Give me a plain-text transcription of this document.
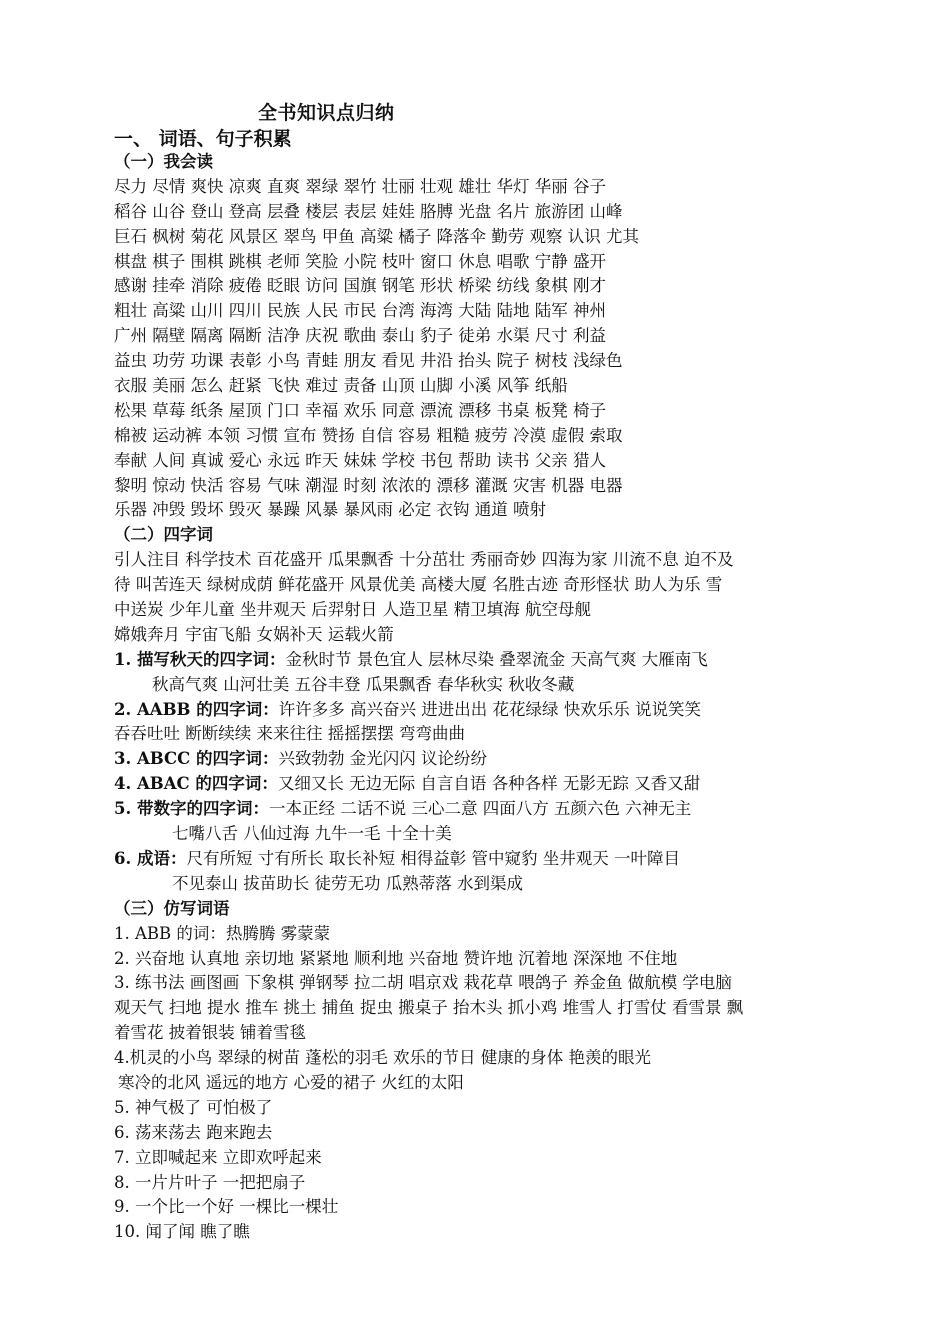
全书知识点归纳
一、 词语、句子积累
（一）我会读
尽力 尽情 爽快 凉爽 直爽 翠绿 翠竹 壮丽 壮观 雄壮 华灯 华丽 谷子
稻谷 山谷 登山 登高 层叠 楼层 表层 娃娃 胳膊 光盘 名片 旅游团 山峰
巨石 枫树 菊花 风景区 翠鸟 甲鱼 高粱 橘子 降落伞 勤劳 观察 认识 尤其
棋盘 棋子 围棋 跳棋 老师 笑脸 小院 枝叶 窗口 休息 唱歌 宁静 盛开
感谢 挂牵 消除 疲倦 眨眼 访问 国旗 钢笔 形状 桥梁 纺线 象棋 刚才
粗壮 高粱 山川 四川 民族 人民 市民 台湾 海湾 大陆 陆地 陆军 神州
广州 隔壁 隔离 隔断 洁净 庆祝 歌曲 泰山 豹子 徒弟 水渠 尺寸 利益
益虫 功劳 功课 表彰 小鸟 青蛙 朋友 看见 井沿 抬头 院子 树枝 浅绿色
衣服 美丽 怎么 赶紧 飞快 难过 责备 山顶 山脚 小溪 风筝 纸船
松果 草莓 纸条 屋顶 门口 幸福 欢乐 同意 漂流 漂移 书桌 板凳 椅子
棉被 运动裤 本领 习惯 宣布 赞扬 自信 容易 粗糙 疲劳 冷漠 虚假 索取
奉献 人间 真诚 爱心 永远 昨天 妹妹 学校 书包 帮助 读书 父亲 猎人
黎明 惊动 快活 容易 气味 潮湿 时刻 浓浓的 漂移 灌溉 灾害 机器 电器
乐器 冲毁 毁坏 毁灭 暴躁 风暴 暴风雨 必定 衣钩 通道 喷射
（二）四字词
引人注目 科学技术 百花盛开 瓜果飘香 十分茁壮 秀丽奇妙 四海为家 川流不息 迫不及
待 叫苦连天 绿树成荫 鲜花盛开 风景优美 高楼大厦 名胜古迹 奇形怪状 助人为乐 雪
中送炭 少年儿童 坐井观天 后羿射日 人造卫星 精卫填海 航空母舰
嫦娥奔月 宇宙飞船 女娲补天 运载火箭
1. 描写秋天的四字词：金秋时节 景色宜人 层林尽染 叠翠流金 天高气爽 大雁南飞
秋高气爽 山河壮美 五谷丰登 瓜果飘香 春华秋实 秋收冬藏
2. AABB 的四字词：许许多多 高兴奋兴 进进出出 花花绿绿 快欢乐乐 说说笑笑
吞吞吐吐 断断续续 来来往往 摇摇摆摆 弯弯曲曲
3. ABCC 的四字词：兴致勃勃 金光闪闪 议论纷纷
4. ABAC 的四字词：又细又长 无边无际 自言自语 各种各样 无影无踪 又香又甜
5. 带数字的四字词：一本正经 二话不说 三心二意 四面八方 五颜六色 六神无主
七嘴八舌 八仙过海 九牛一毛 十全十美
6. 成语：尺有所短 寸有所长 取长补短 相得益彰 管中窥豹 坐井观天 一叶障目
不见泰山 拔苗助长 徒劳无功 瓜熟蒂落 水到渠成
（三）仿写词语
1. ABB 的词：热腾腾 雾蒙蒙
2. 兴奋地 认真地 亲切地 紧紧地 顺利地 兴奋地 赞许地 沉着地 深深地 不住地
3. 练书法 画图画 下象棋 弹钢琴 拉二胡 唱京戏 栽花草 喂鸽子 养金鱼 做航模 学电脑
观天气 扫地 提水 推车 挑土 捕鱼 捉虫 搬桌子 抬木头 抓小鸡 堆雪人 打雪仗 看雪景 飘
着雪花 披着银装 铺着雪毯
4.机灵的小鸟 翠绿的树苗 蓬松的羽毛 欢乐的节日 健康的身体 艳羡的眼光
寒冷的北风 遥远的地方 心爱的裙子 火红的太阳
5. 神气极了 可怕极了
6. 荡来荡去 跑来跑去
7. 立即喊起来 立即欢呼起来
8. 一片片叶子 一把把扇子
9. 一个比一个好 一棵比一棵壮
10. 闻了闻 瞧了瞧
